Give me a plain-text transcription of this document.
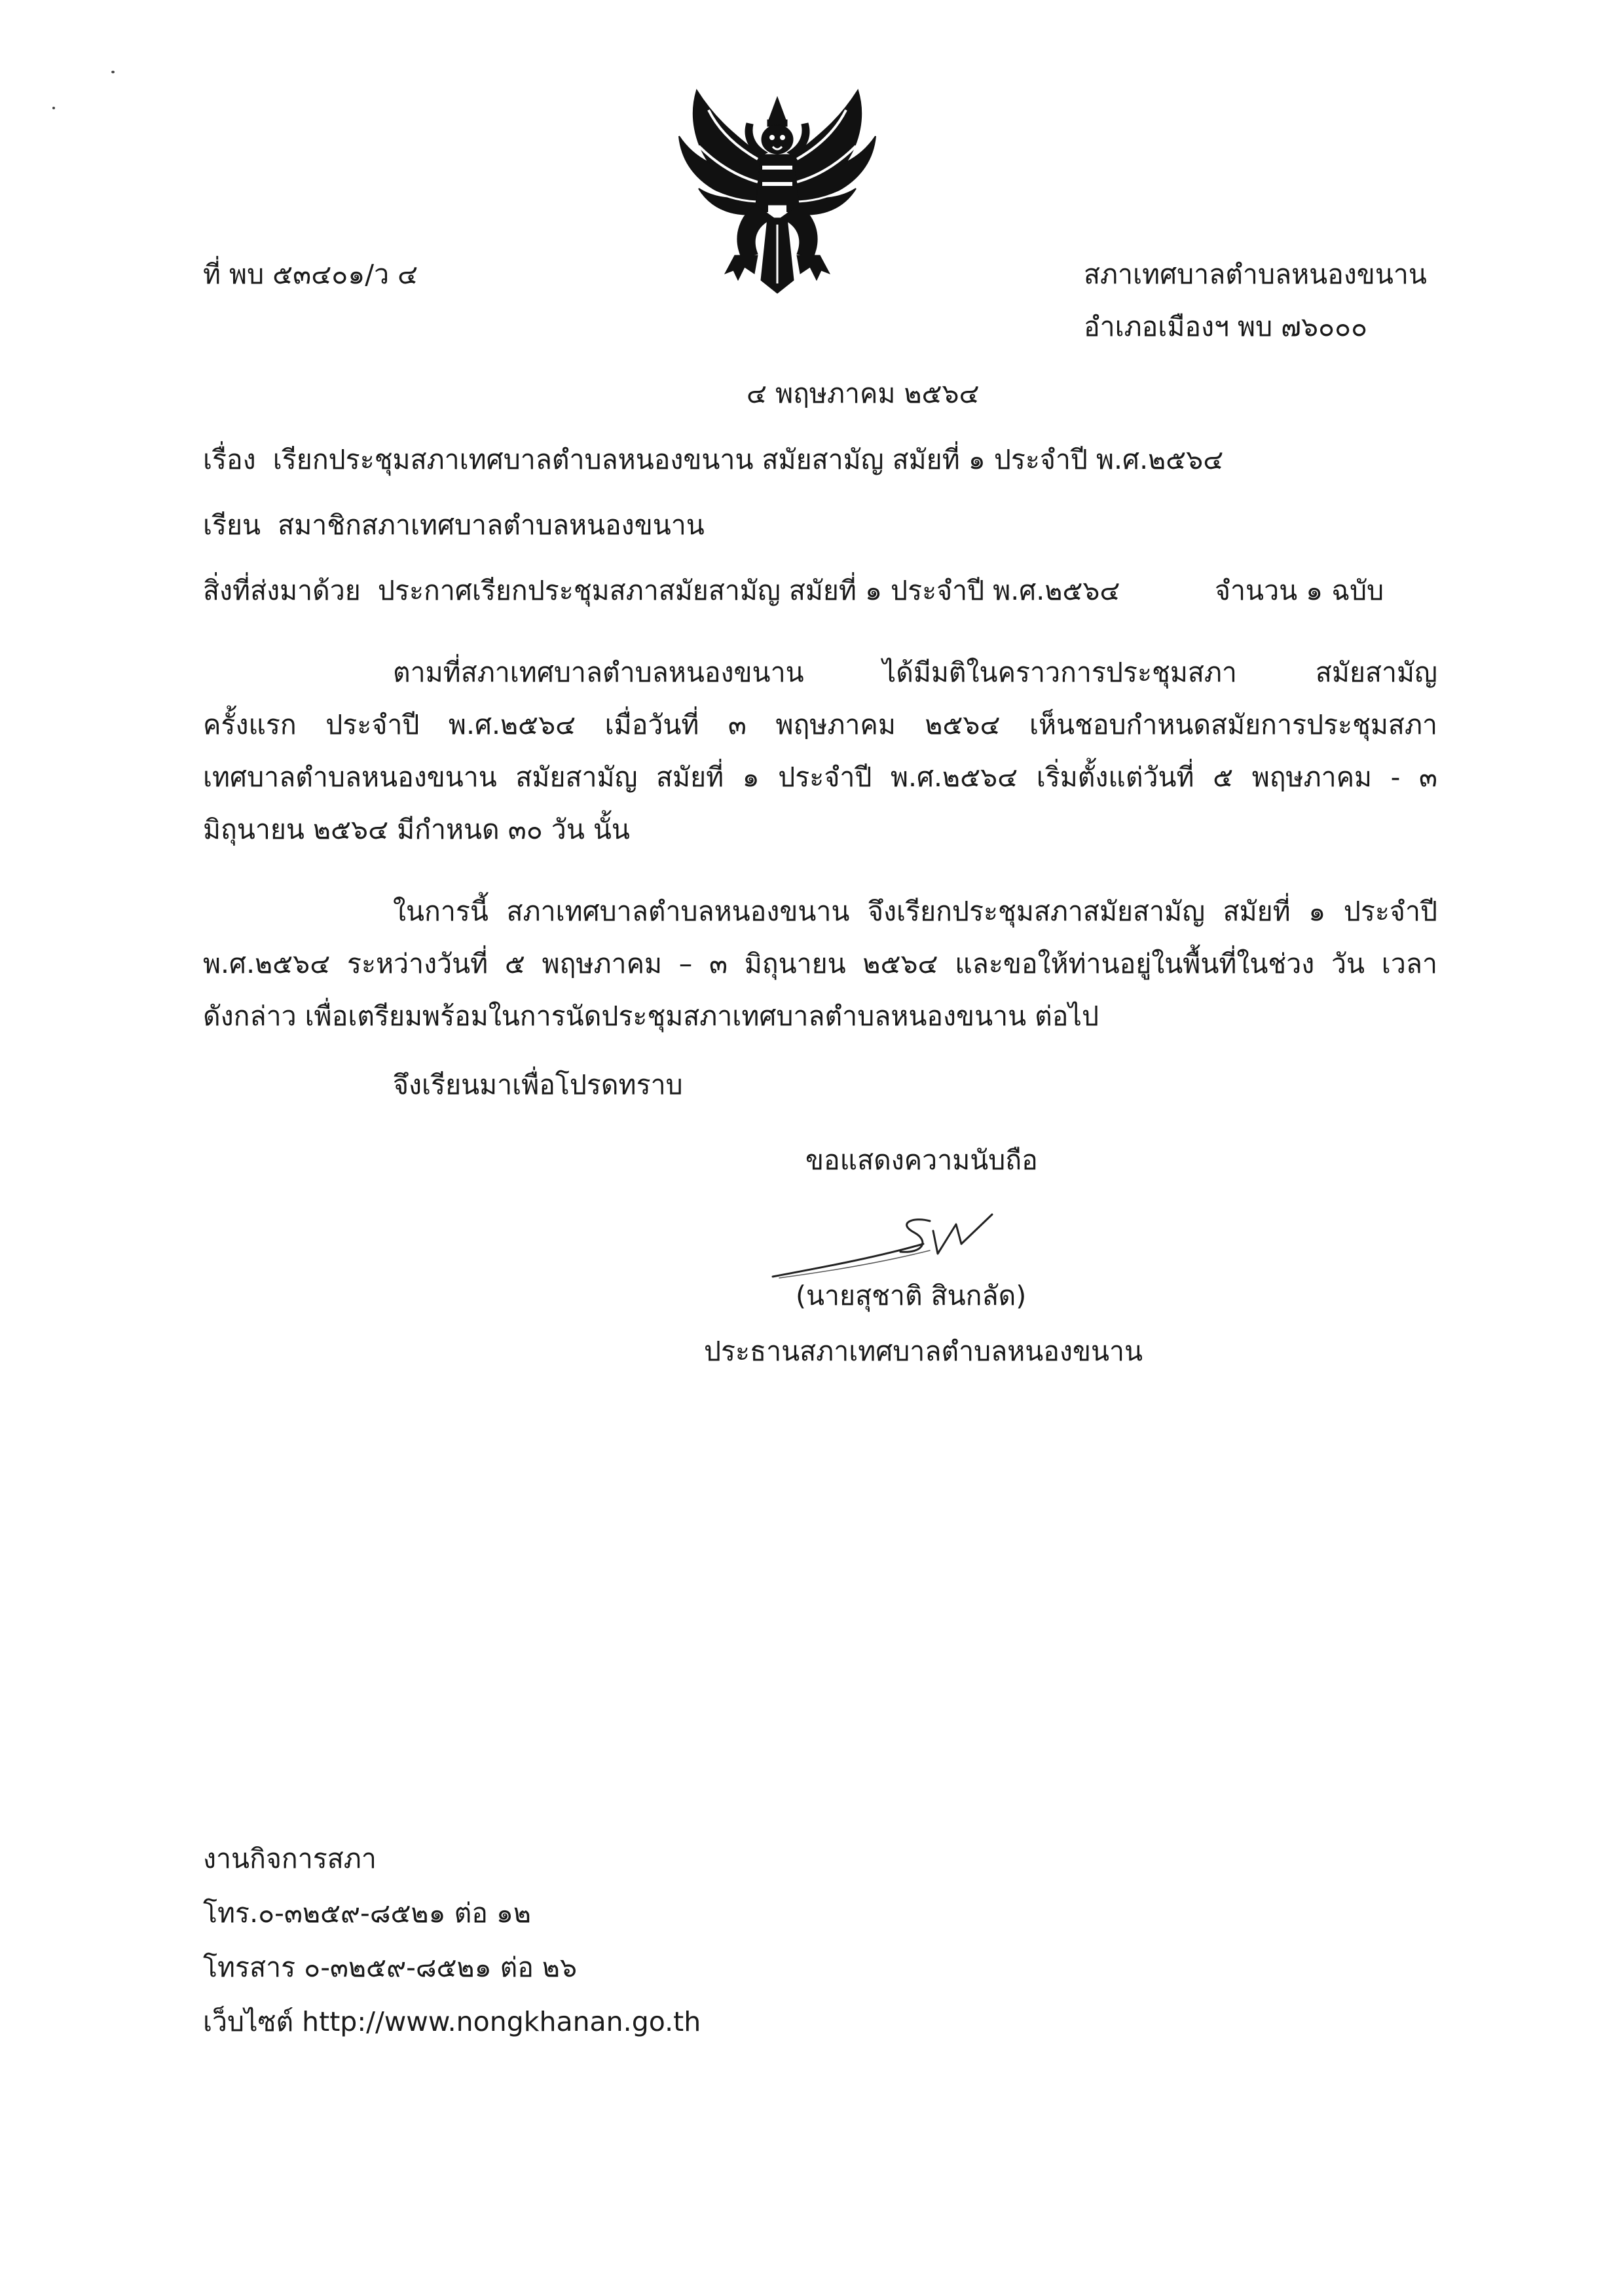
ที่ พบ ๕๓๔๐๑/ว ๔	สภาเทศบาลตำบลหนองขนาน
อำเภอเมืองฯ พบ ๗๖๐๐๐
๔ พฤษภาคม ๒๕๖๔
เรื่อง เรียกประชุมสภาเทศบาลตำบลหนองขนาน สมัยสามัญ สมัยที่ ๑ ประจำปี พ.ศ.๒๕๖๔
เรียน สมาชิกสภาเทศบาลตำบลหนองขนาน
สิ่งที่ส่งมาด้วย ประกาศเรียกประชุมสภาสมัยสามัญ สมัยที่ ๑ ประจำปี พ.ศ.๒๕๖๔	จำนวน ๑ ฉบับ
ตามที่สภาเทศบาลตำบลหนองขนาน ได้มีมติในคราวการประชุมสภา สมัยสามัญ
ครั้งแรก ประจำปี พ.ศ.๒๕๖๔ เมื่อวันที่ ๓ พฤษภาคม ๒๕๖๔ เห็นชอบกำหนดสมัยการประชุมสภา
เทศบาลตำบลหนองขนาน สมัยสามัญ สมัยที่ ๑ ประจำปี พ.ศ.๒๕๖๔ เริ่มตั้งแต่วันที่ ๕ พฤษภาคม - ๓
มิถุนายน ๒๕๖๔ มีกำหนด ๓๐ วัน นั้น
ในการนี้ สภาเทศบาลตำบลหนองขนาน จึงเรียกประชุมสภาสมัยสามัญ สมัยที่ ๑ ประจำปี
พ.ศ.๒๕๖๔ ระหว่างวันที่ ๕ พฤษภาคม – ๓ มิถุนายน ๒๕๖๔ และขอให้ท่านอยู่ในพื้นที่ในช่วง วัน เวลา
ดังกล่าว เพื่อเตรียมพร้อมในการนัดประชุมสภาเทศบาลตำบลหนองขนาน ต่อไป
จึงเรียนมาเพื่อโปรดทราบ
ขอแสดงความนับถือ
(นายสุชาติ สินกลัด)
ประธานสภาเทศบาลตำบลหนองขนาน
งานกิจการสภา
โทร.๐-๓๒๕๙-๘๕๒๑ ต่อ ๑๒
โทรสาร ๐-๓๒๕๙-๘๕๒๑ ต่อ ๒๖
เว็บไซต์ http://www.nongkhanan.go.th
